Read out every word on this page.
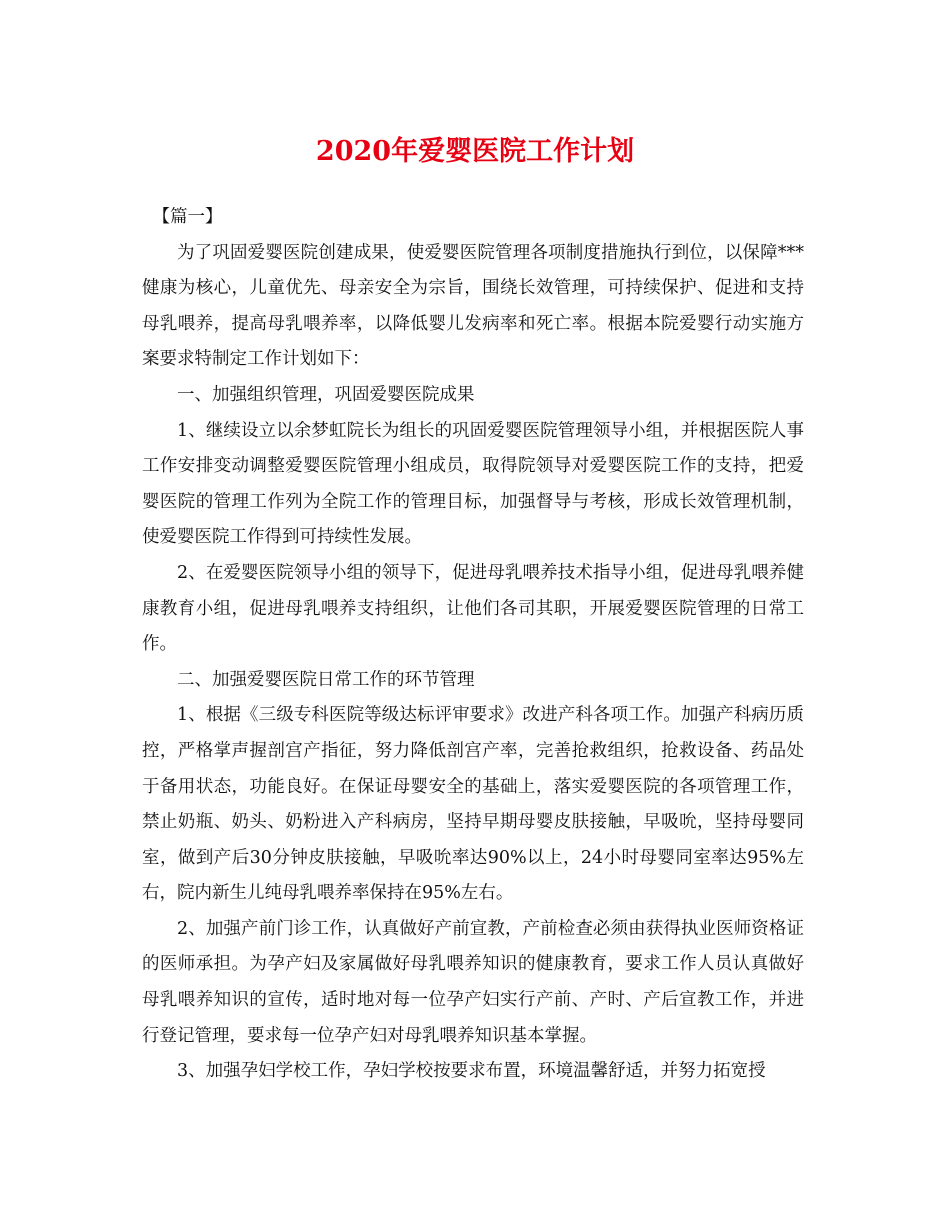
2020年爱婴医院工作计划

【篇一】

为了巩固爱婴医院创建成果，使爱婴医院管理各项制度措施执行到位，以保障***健康为核心，儿童优先、母亲安全为宗旨，围绕长效管理，可持续保护、促进和支持母乳喂养，提高母乳喂养率，以降低婴儿发病率和死亡率。根据本院爱婴行动实施方案要求特制定工作计划如下：

一、加强组织管理，巩固爱婴医院成果

1、继续设立以余梦虹院长为组长的巩固爱婴医院管理领导小组，并根据医院人事工作安排变动调整爱婴医院管理小组成员，取得院领导对爱婴医院工作的支持，把爱婴医院的管理工作列为全院工作的管理目标，加强督导与考核，形成长效管理机制，使爱婴医院工作得到可持续性发展。

2、在爱婴医院领导小组的领导下，促进母乳喂养技术指导小组，促进母乳喂养健康教育小组，促进母乳喂养支持组织，让他们各司其职，开展爱婴医院管理的日常工作。

二、加强爱婴医院日常工作的环节管理

1、根据《三级专科医院等级达标评审要求》改进产科各项工作。加强产科病历质控，严格掌声握剖宫产指征，努力降低剖宫产率，完善抢救组织，抢救设备、药品处于备用状态，功能良好。在保证母婴安全的基础上，落实爱婴医院的各项管理工作，禁止奶瓶、奶头、奶粉进入产科病房，坚持早期母婴皮肤接触，早吸吮，坚持母婴同室，做到产后30分钟皮肤接触，早吸吮率达90%以上，24小时母婴同室率达95%左右，院内新生儿纯母乳喂养率保持在95%左右。

2、加强产前门诊工作，认真做好产前宣教，产前检查必须由获得执业医师资格证的医师承担。为孕产妇及家属做好母乳喂养知识的健康教育，要求工作人员认真做好母乳喂养知识的宣传，适时地对每一位孕产妇实行产前、产时、产后宣教工作，并进行登记管理，要求每一位孕产妇对母乳喂养知识基本掌握。

3、加强孕妇学校工作，孕妇学校按要求布置，环境温馨舒适，并努力拓宽授
